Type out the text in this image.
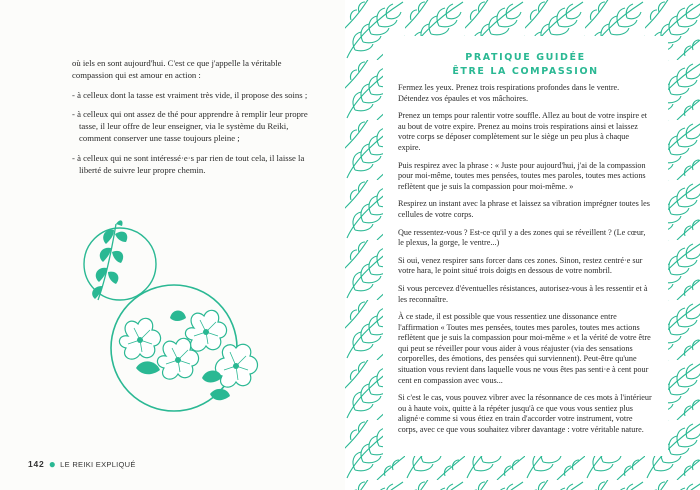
où iels en sont aujourd'hui. C'est ce que j'appelle la véritable compassion qui est amour en action :

- à celleux dont la tasse est vraiment très vide, il propose des soins ;

- à celleux qui ont assez de thé pour apprendre à remplir leur propre tasse, il leur offre de leur enseigner, via le système du Reiki, comment conserver une tasse toujours pleine ;

- à celleux qui ne sont intéressé·e·s par rien de tout cela, il laisse la liberté de suivre leur propre chemin.

142 ● LE REIKI EXPLIQUÉ
PRATIQUE GUIDÉE
ÊTRE LA COMPASSION

Fermez les yeux. Prenez trois respirations profondes dans le ventre. Détendez vos épaules et vos mâchoires.

Prenez un temps pour ralentir votre souffle. Allez au bout de votre inspire et au bout de votre expire. Prenez au moins trois respirations ainsi et laissez votre corps se déposer complètement sur le siège un peu plus à chaque expire.

Puis respirez avec la phrase : « Juste pour aujourd'hui, j'ai de la compassion pour moi-même, toutes mes pensées, toutes mes paroles, toutes mes actions reflètent que je suis la compassion pour moi-même. »

Respirez un instant avec la phrase et laissez sa vibration imprégner toutes les cellules de votre corps.

Que ressentez-vous ? Est-ce qu'il y a des zones qui se réveillent ? (Le cœur, le plexus, la gorge, le ventre...)

Si oui, venez respirer sans forcer dans ces zones. Sinon, restez centré·e sur votre hara, le point situé trois doigts en dessous de votre nombril.

Si vous percevez d'éventuelles résistances, autorisez-vous à les ressentir et à les reconnaître.

À ce stade, il est possible que vous ressentiez une dissonance entre l'affirmation « Toutes mes pensées, toutes mes paroles, toutes mes actions reflètent que je suis la compassion pour moi-même » et la vérité de votre être qui peut se réveiller pour vous aider à vous réajuster (via des sensations corporelles, des émotions, des pensées qui surviennent). Peut-être qu'une situation vous revient dans laquelle vous ne vous êtes pas senti·e à cent pour cent en compassion avec vous...

Si c'est le cas, vous pouvez vibrer avec la résonnance de ces mots à l'intérieur ou à haute voix, quitte à la répéter jusqu'à ce que vous vous sentiez plus aligné·e comme si vous étiez en train d'accorder votre instrument, votre corps, avec ce que vous souhaitez vibrer davantage : votre véritable nature.
